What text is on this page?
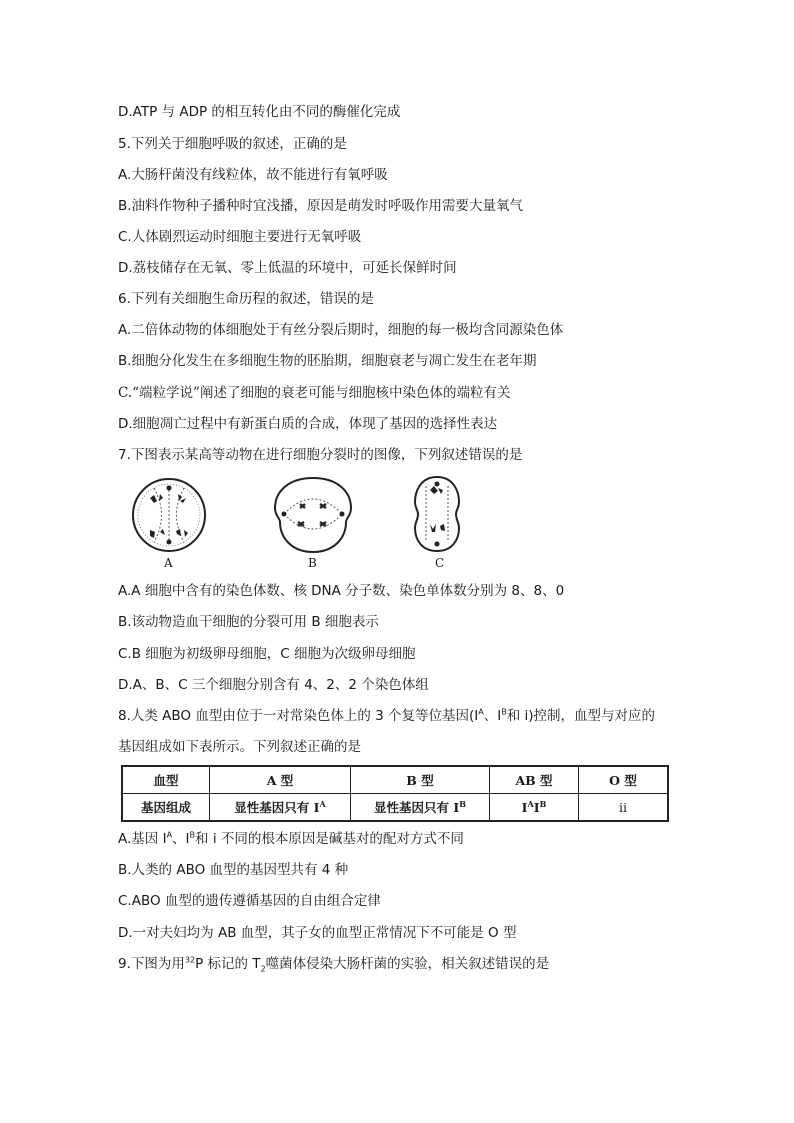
D.ATP 与 ADP 的相互转化由不同的酶催化完成
5.下列关于细胞呼吸的叙述，正确的是
A.大肠杆菌没有线粒体，故不能进行有氧呼吸
B.油料作物种子播种时宜浅播，原因是萌发时呼吸作用需要大量氧气
C.人体剧烈运动时细胞主要进行无氧呼吸
D.荔枝储存在无氧、零上低温的环境中，可延长保鲜时间
6.下列有关细胞生命历程的叙述，错误的是
A.二倍体动物的体细胞处于有丝分裂后期时，细胞的每一极均含同源染色体
B.细胞分化发生在多细胞生物的胚胎期，细胞衰老与凋亡发生在老年期
C.“端粒学说”阐述了细胞的衰老可能与细胞核中染色体的端粒有关
D.细胞凋亡过程中有新蛋白质的合成，体现了基因的选择性表达
7.下图表示某高等动物在进行细胞分裂时的图像，下列叙述错误的是
A	B	C
A.A 细胞中含有的染色体数、核 DNA 分子数、染色单体数分别为 8、8、0
B.该动物造血干细胞的分裂可用 B 细胞表示
C.B 细胞为初级卵母细胞，C 细胞为次级卵母细胞
D.A、B、C 三个细胞分别含有 4、2、2 个染色体组
8.人类 ABO 血型由位于一对常染色体上的 3 个复等位基因($I^A$、$I^B$和 i)控制，血型与对应的
基因组成如下表所示。下列叙述正确的是
血型	A 型	B 型	AB 型	O 型
基因组成	显性基因只有 $I^A$	显性基因只有 $I^B$	$I^AI^B$	ii
A.基因 $I^A$、$I^B$和 i 不同的根本原因是碱基对的配对方式不同
B.人类的 ABO 血型的基因型共有 4 种
C.ABO 血型的遗传遵循基因的自由组合定律
D.一对夫妇均为 AB 血型，其子女的血型正常情况下不可能是 O 型
9.下图为用$^{32}$P 标记的 $T_2$噬菌体侵染大肠杆菌的实验，相关叙述错误的是
